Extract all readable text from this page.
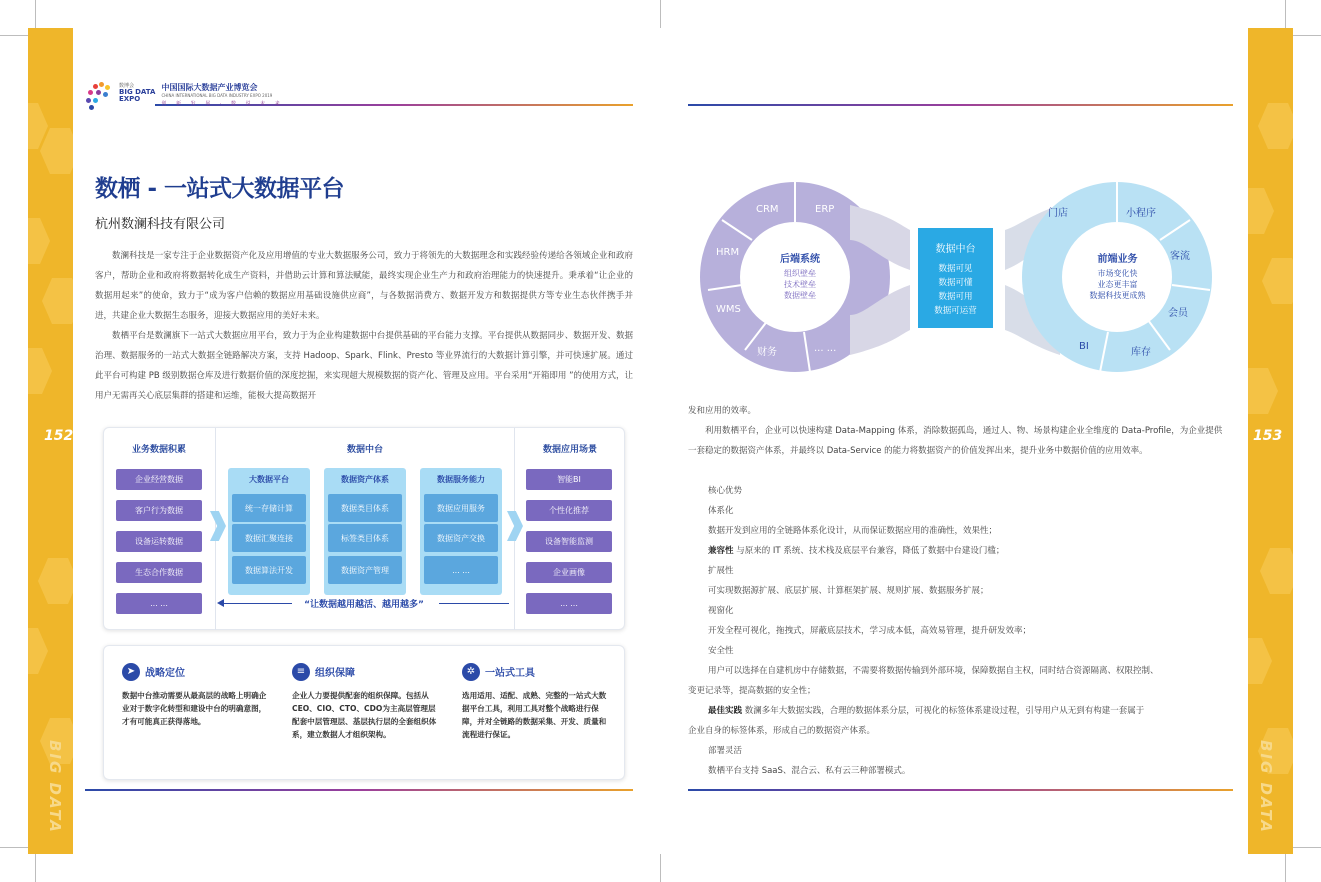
152
BIG DATA
153
BIG DATA
数博会
BIG DATA
EXPO
中国国际大数据产业博览会
CHINA INTERNATIONAL BIG DATA INDUSTRY EXPO 2019
创 新 发 展 · 数 说 未 来
数栖 - 一站式大数据平台
杭州数澜科技有限公司
数澜科技是一家专注于企业数据资产化及应用增值的专业大数据服务公司，致力于将领先的大数据理念和实践经验传递给各领域企业和政府客户，帮助企业和政府将数据转化成生产资料，并借助云计算和算法赋能，最终实现企业生产力和政府治理能力的快速提升。秉承着“让企业的数据用起来”的使命，致力于“成为客户信赖的数据应用基础设施供应商”，与各数据消费方、数据开发方和数据提供方等专业生态伙伴携手并进，共建企业大数据生态服务，迎接大数据应用的美好未来。
数栖平台是数澜旗下一站式大数据应用平台，致力于为企业构建数据中台提供基础的平台能力支撑。平台提供从数据同步、数据开发、数据治理、数据服务的一站式大数据全链路解决方案，支持 Hadoop、Spark、Flink、Presto 等业界流行的大数据计算引擎，并可快速扩展。通过此平台可构建 PB 级别数据仓库及进行数据价值的深度挖掘，来实现超大规模数据的资产化、管理及应用。平台采用“开箱即用 ”的使用方式，让用户无需再关心底层集群的搭建和运维，能极大提高数据开
业务数据积累	数据中台	数据应用场景
企业经营数据
客户行为数据
设备运转数据
生态合作数据
... ...
大数据平台
统一存储计算
数据汇聚连接
数据算法开发
数据资产体系
数据类目体系
标签类目体系
数据资产管理
数据服务能力
数据应用服务
数据资产交换
... ...
智能BI
个性化推荐
设备智能监测
企业画像
... ...
“让数据越用越活、越用越多”
➤ 战略定位
数据中台推动需要从最高层的战略上明确企业对于数字化转型和建设中台的明确意图，才有可能真正获得落地。
≡ 组织保障
企业人力要提供配套的组织保障。包括从CEO、CIO、CTO、CDO为主高层管理层配套中层管理层、基层执行层的全套组织体系，建立数据人才组织架构。
✲ 一站式工具
选用适用、适配、成熟、完整的一站式大数据平台工具，利用工具对整个战略进行保障，并对全链路的数据采集、开发、质量和流程进行保证。
CRM	ERP
HRM
WMS
财务	... ...
后端系统
组织壁垒
技术壁垒
数据壁垒
数据中台
数据可见
数据可懂
数据可用
数据可运营
门店	小程序
客流
会员
库存
BI
前端业务
市场变化快
业态更丰富
数据科技更成熟
发和应用的效率。
利用数栖平台，企业可以快速构建 Data-Mapping 体系，消除数据孤岛，通过人、物、场景构建企业全维度的 Data-Profile，为企业提供一套稳定的数据资产体系，并最终以 Data-Service 的能力将数据资产的价值发挥出来，提升业务中数据价值的应用效率。
核心优势
体系化
数据开发到应用的全链路体系化设计，从而保证数据应用的准确性，效果性；
兼容性 与原来的 IT 系统、技术栈及底层平台兼容，降低了数据中台建设门槛；
扩展性
可实现数据源扩展、底层扩展、计算框架扩展、规则扩展、数据服务扩展；
视窗化
开发全程可视化，拖拽式，屏蔽底层技术，学习成本低，高效易管理，提升研发效率；
安全性
用户可以选择在自建机房中存储数据，不需要将数据传输到外部环境，保障数据自主权，同时结合资源隔离、权限控制、
变更记录等，提高数据的安全性；
最佳实践 数澜多年大数据实践，合理的数据体系分层，可视化的标签体系建设过程，引导用户从无到有构建一套属于
企业自身的标签体系，形成自己的数据资产体系。
部署灵活
数栖平台支持 SaaS、混合云、私有云三种部署模式。
